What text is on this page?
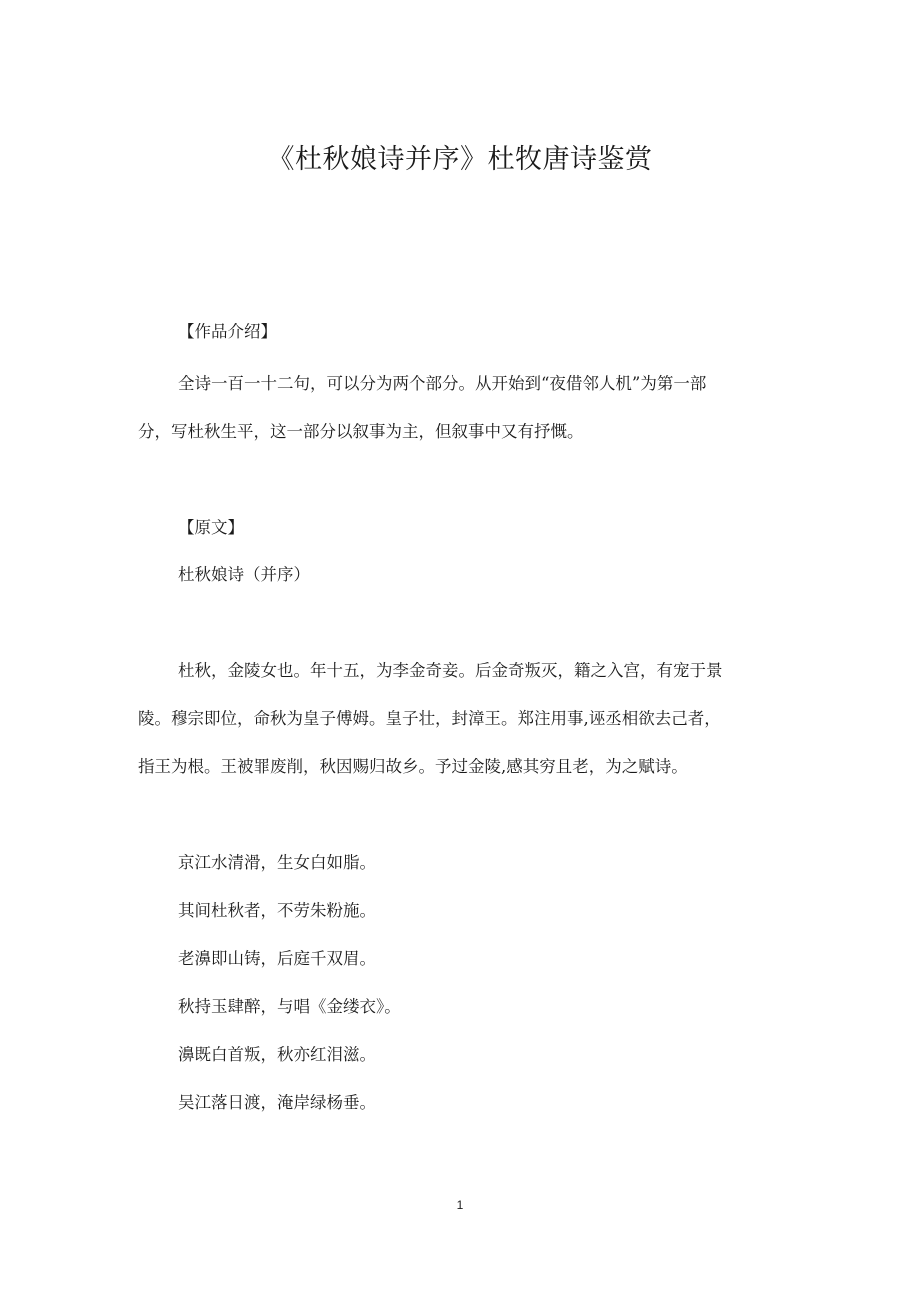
《杜秋娘诗并序》杜牧唐诗鉴赏
【作品介绍】
全诗一百一十二句，可以分为两个部分。从开始到“夜借邻人机”为第一部
分，写杜秋生平，这一部分以叙事为主，但叙事中又有抒慨。
【原文】
杜秋娘诗（并序）
杜秋，金陵女也。年十五，为李金奇妾。后金奇叛灭，籍之入宫，有宠于景
陵。穆宗即位，命秋为皇子傅姆。皇子壮，封漳王。郑注用事,诬丞相欲去己者，
指王为根。王被罪废削，秋因赐归故乡。予过金陵,感其穷且老，为之赋诗。
京江水清滑，生女白如脂。
其间杜秋者，不劳朱粉施。
老濞即山铸，后庭千双眉。
秋持玉肆醉，与唱《金缕衣》。
濞既白首叛，秋亦红泪滋。
吴江落日渡，淹岸绿杨垂。
1
